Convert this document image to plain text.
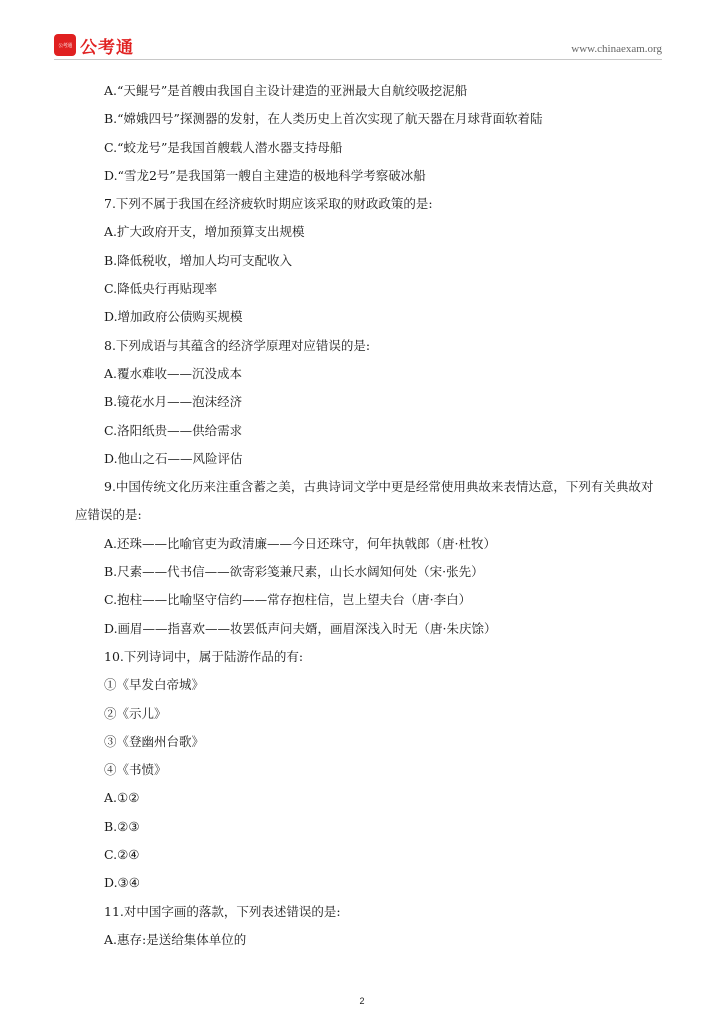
公考通 公考通	www.chinaexam.org
A.“天鲲号”是首艘由我国自主设计建造的亚洲最大自航绞吸挖泥船
B.“嫦娥四号”探测器的发射，在人类历史上首次实现了航天器在月球背面软着陆
C.“蛟龙号”是我国首艘载人潜水器支持母船
D.“雪龙2号”是我国第一艘自主建造的极地科学考察破冰船
7.下列不属于我国在经济疲软时期应该采取的财政政策的是:
A.扩大政府开支，增加预算支出规模
B.降低税收，增加人均可支配收入
C.降低央行再贴现率
D.增加政府公债购买规模
8.下列成语与其蕴含的经济学原理对应错误的是:
A.覆水难收——沉没成本
B.镜花水月——泡沫经济
C.洛阳纸贵——供给需求
D.他山之石——风险评估
9.中国传统文化历来注重含蓄之美，古典诗词文学中更是经常使用典故来表情达意，下列有关典故对
应错误的是:
A.还珠——比喻官吏为政清廉——今日还珠守，何年执戟郎（唐·杜牧）
B.尺素——代书信——欲寄彩笺兼尺素，山长水阔知何处（宋·张先）
C.抱柱——比喻坚守信约——常存抱柱信，岂上望夫台（唐·李白）
D.画眉——指喜欢——妆罢低声问夫婿，画眉深浅入时无（唐·朱庆馀）
10.下列诗词中，属于陆游作品的有:
①《早发白帝城》
②《示儿》
③《登幽州台歌》
④《书愤》
A.①②
B.②③
C.②④
D.③④
11.对中国字画的落款，下列表述错误的是:
A.惠存:是送给集体单位的
2
